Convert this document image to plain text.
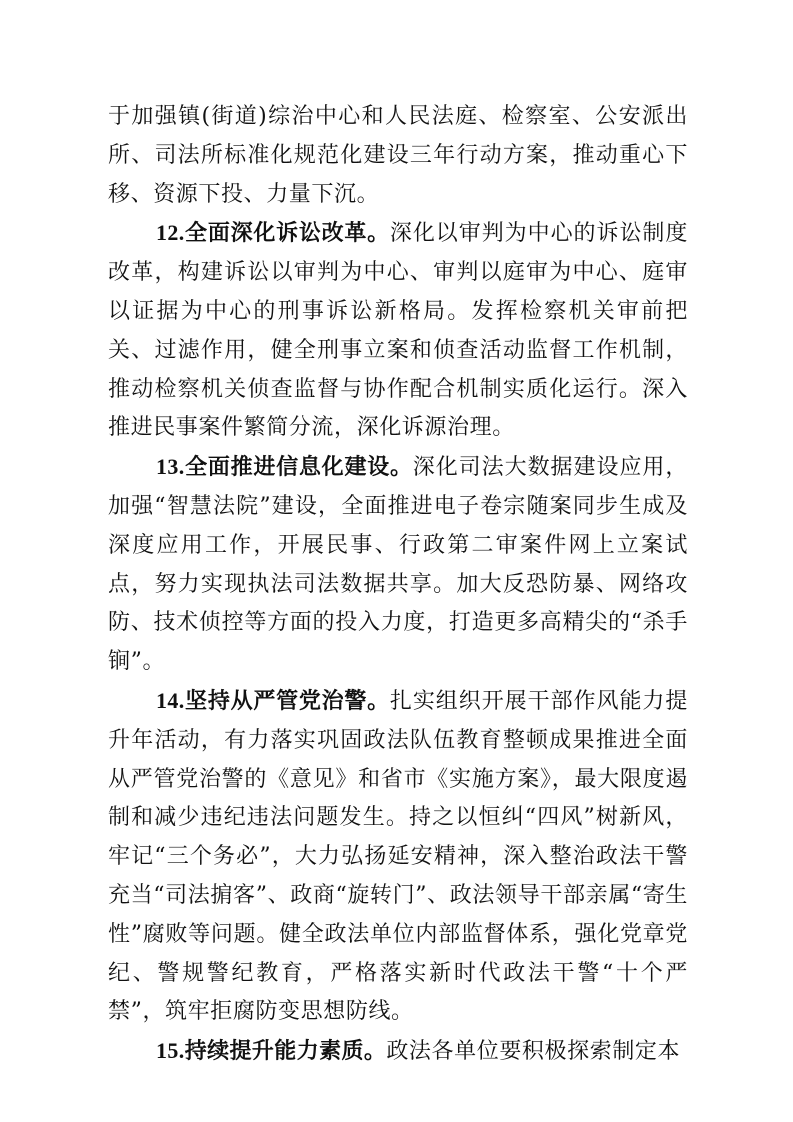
于加强镇(街道)综治中心和人民法庭、检察室、公安派出所、司法所标准化规范化建设三年行动方案，推动重心下移、资源下投、力量下沉。

12.全面深化诉讼改革。深化以审判为中心的诉讼制度改革，构建诉讼以审判为中心、审判以庭审为中心、庭审以证据为中心的刑事诉讼新格局。发挥检察机关审前把关、过滤作用，健全刑事立案和侦查活动监督工作机制，推动检察机关侦查监督与协作配合机制实质化运行。深入推进民事案件繁简分流，深化诉源治理。

13.全面推进信息化建设。深化司法大数据建设应用，加强“智慧法院”建设，全面推进电子卷宗随案同步生成及深度应用工作，开展民事、行政第二审案件网上立案试点，努力实现执法司法数据共享。加大反恐防暴、网络攻防、技术侦控等方面的投入力度，打造更多高精尖的“杀手锏”。

14.坚持从严管党治警。扎实组织开展干部作风能力提升年活动，有力落实巩固政法队伍教育整顿成果推进全面从严管党治警的《意见》和省市《实施方案》，最大限度遏制和减少违纪违法问题发生。持之以恒纠“四风”树新风，牢记“三个务必”，大力弘扬延安精神，深入整治政法干警充当“司法掮客”、政商“旋转门”、政法领导干部亲属“寄生性”腐败等问题。健全政法单位内部监督体系，强化党章党纪、警规警纪教育，严格落实新时代政法干警“十个严禁”，筑牢拒腐防变思想防线。

15.持续提升能力素质。政法各单位要积极探索制定本
